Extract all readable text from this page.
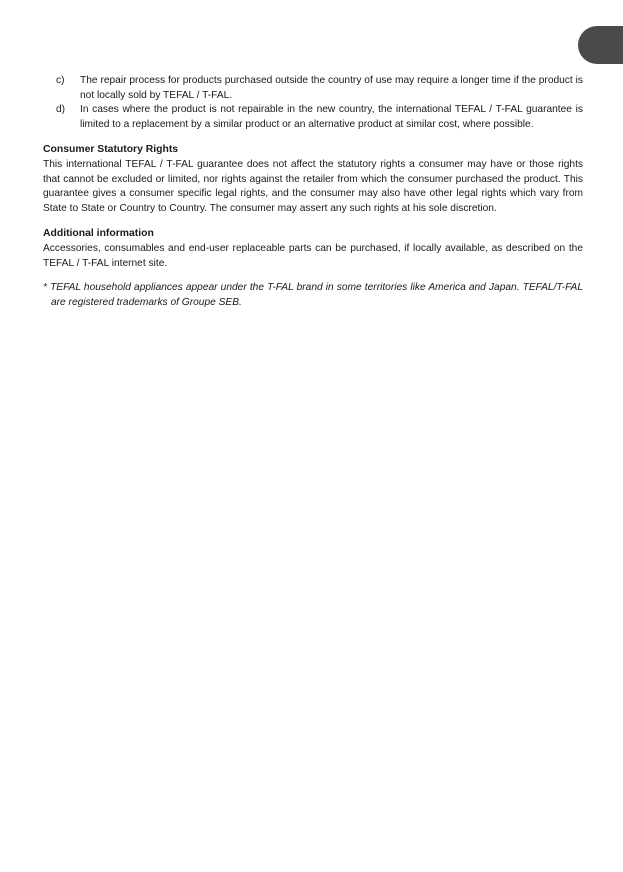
c)	The repair process for products purchased outside the country of use may require a longer time if the product is not locally sold by TEFAL / T-FAL.
d)	In cases where the product is not repairable in the new country, the international TEFAL / T-FAL guarantee is limited to a replacement by a similar product or an alternative product at similar cost, where possible.

Consumer Statutory Rights

This international TEFAL / T-FAL guarantee does not affect the statutory rights a consumer may have or those rights that cannot be excluded or limited, nor rights against the retailer from which the consumer purchased the product. This guarantee gives a consumer specific legal rights, and the consumer may also have other legal rights which vary from State to State or Country to Country. The consumer may assert any such rights at his sole discretion.

Additional information

Accessories, consumables and end-user replaceable parts can be purchased, if locally available, as described on the TEFAL / T-FAL internet site.

* TEFAL household appliances appear under the T-FAL brand in some territories like America and Japan. TEFAL/T-FAL are registered trademarks of Groupe SEB.
